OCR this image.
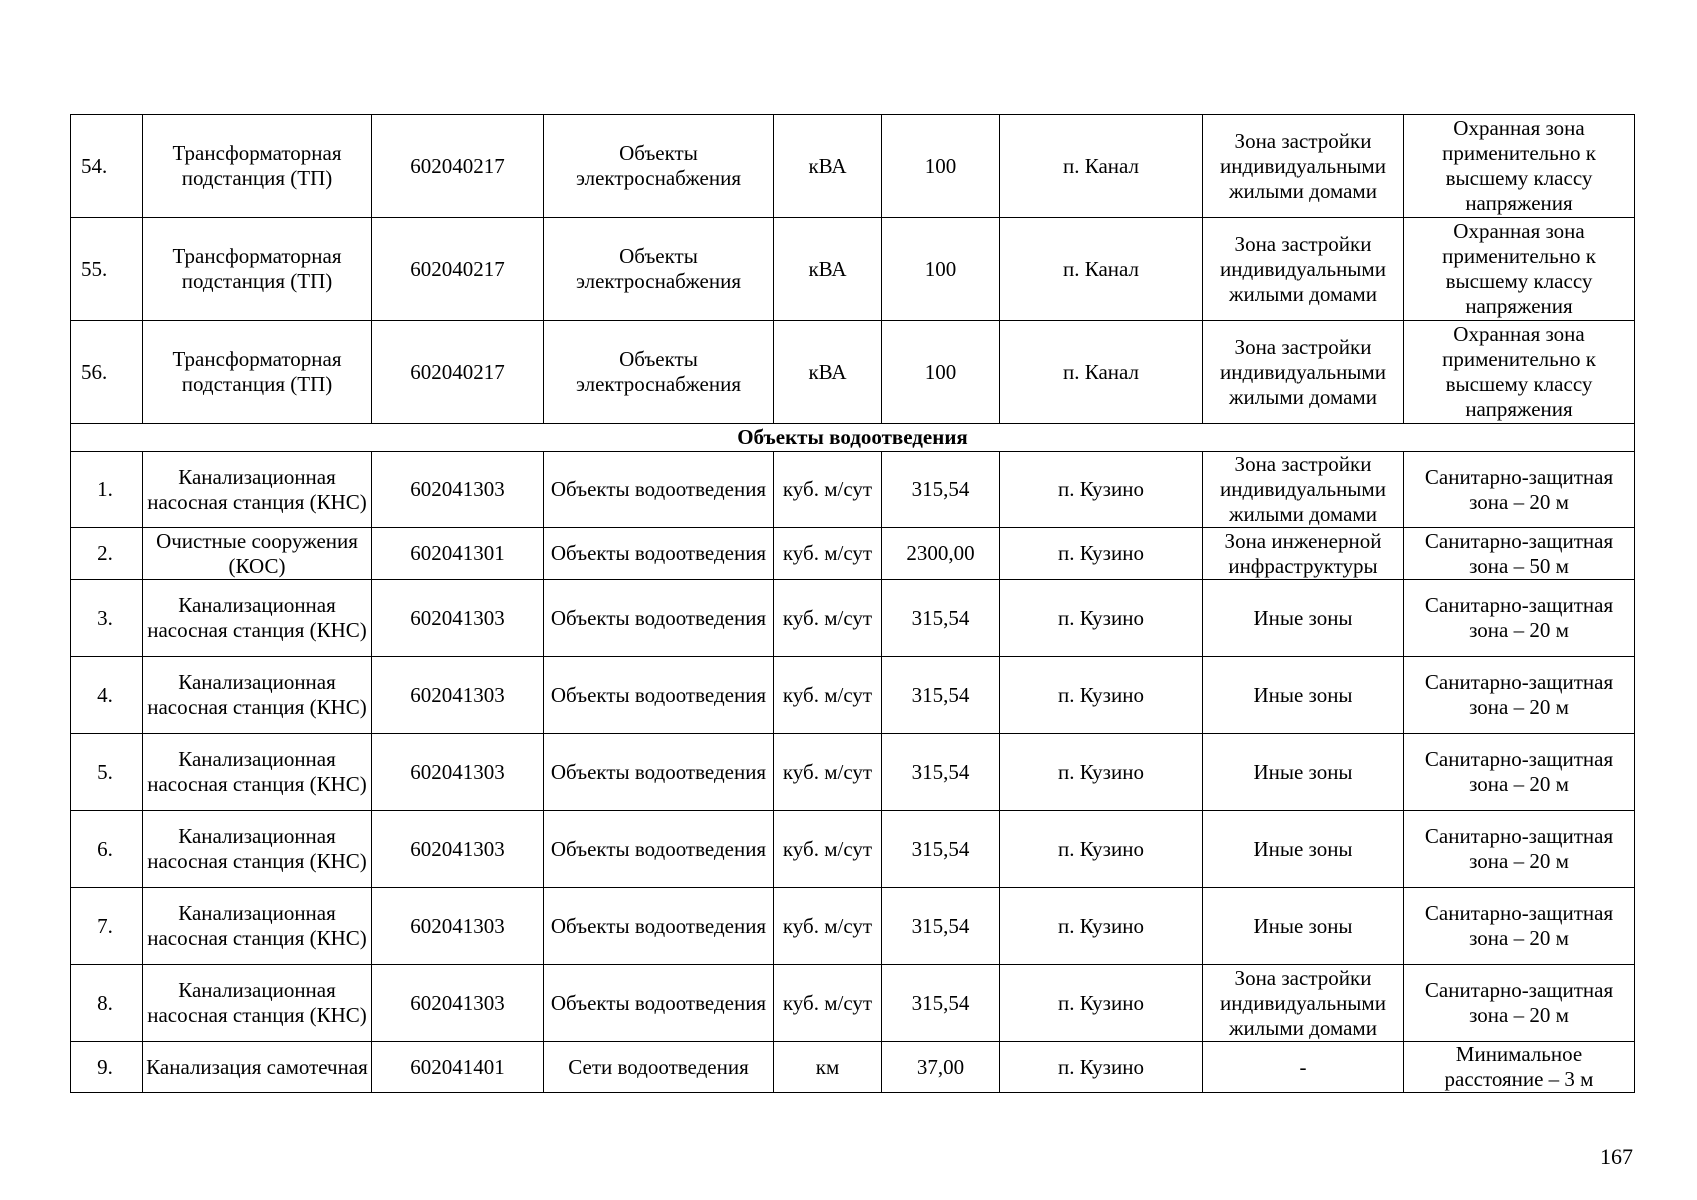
54.	Трансформаторная подстанция (ТП)	602040217	Объекты электроснабжения	кВА	100	п. Канал	Зона застройки индивидуальными жилыми домами	Охранная зона применительно к высшему классу напряжения
55.	Трансформаторная подстанция (ТП)	602040217	Объекты электроснабжения	кВА	100	п. Канал	Зона застройки индивидуальными жилыми домами	Охранная зона применительно к высшему классу напряжения
56.	Трансформаторная подстанция (ТП)	602040217	Объекты электроснабжения	кВА	100	п. Канал	Зона застройки индивидуальными жилыми домами	Охранная зона применительно к высшему классу напряжения
Объекты водоотведения								
1.	Канализационная насосная станция (КНС)	602041303	Объекты водоотведения	куб. м/сут	315,54	п. Кузино	Зона застройки индивидуальными жилыми домами	Санитарно-защитная зона – 20 м
2.	Очистные сооружения (КОС)	602041301	Объекты водоотведения	куб. м/сут	2300,00	п. Кузино	Зона инженерной инфраструктуры	Санитарно-защитная зона – 50 м
3.	Канализационная насосная станция (КНС)	602041303	Объекты водоотведения	куб. м/сут	315,54	п. Кузино	Иные зоны	Санитарно-защитная зона – 20 м
4.	Канализационная насосная станция (КНС)	602041303	Объекты водоотведения	куб. м/сут	315,54	п. Кузино	Иные зоны	Санитарно-защитная зона – 20 м
5.	Канализационная насосная станция (КНС)	602041303	Объекты водоотведения	куб. м/сут	315,54	п. Кузино	Иные зоны	Санитарно-защитная зона – 20 м
6.	Канализационная насосная станция (КНС)	602041303	Объекты водоотведения	куб. м/сут	315,54	п. Кузино	Иные зоны	Санитарно-защитная зона – 20 м
7.	Канализационная насосная станция (КНС)	602041303	Объекты водоотведения	куб. м/сут	315,54	п. Кузино	Иные зоны	Санитарно-защитная зона – 20 м
8.	Канализационная насосная станция (КНС)	602041303	Объекты водоотведения	куб. м/сут	315,54	п. Кузино	Зона застройки индивидуальными жилыми домами	Санитарно-защитная зона – 20 м
9.	Канализация самотечная	602041401	Сети водоотведения	км	37,00	п. Кузино	-	Минимальное расстояние – 3 м
167
